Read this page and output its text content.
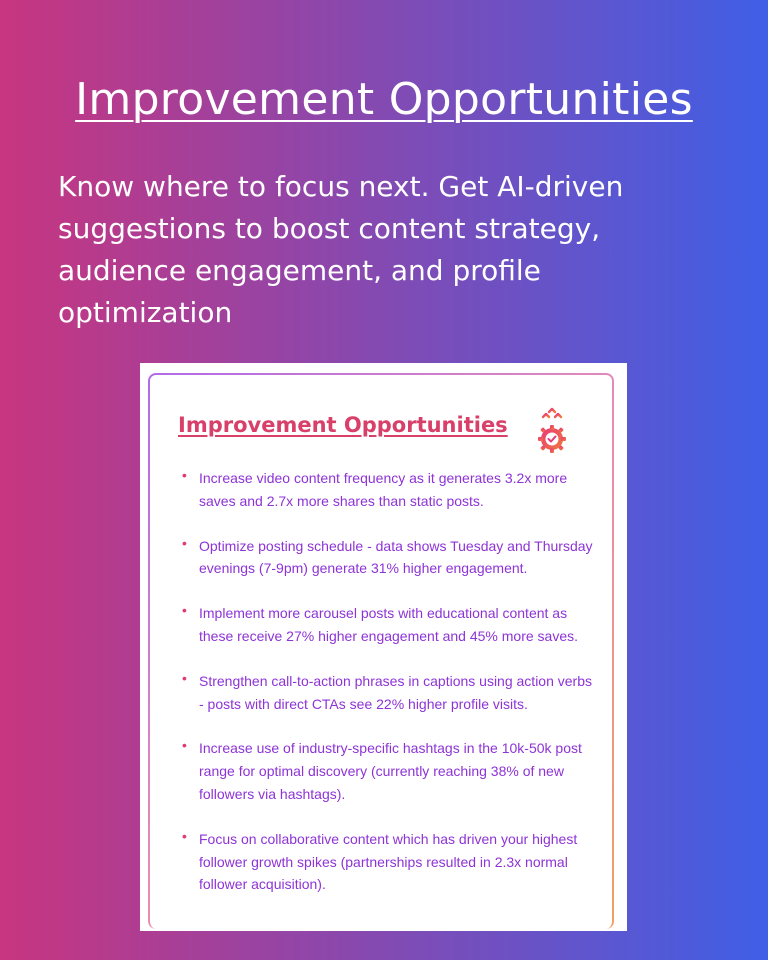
Improvement Opportunities

Know where to focus next. Get AI-driven suggestions to boost content strategy, audience engagement, and profile optimization

Improvement Opportunities
• Increase video content frequency as it generates 3.2x more saves and 2.7x more shares than static posts.
• Optimize posting schedule - data shows Tuesday and Thursday evenings (7-9pm) generate 31% higher engagement.
• Implement more carousel posts with educational content as these receive 27% higher engagement and 45% more saves.
• Strengthen call-to-action phrases in captions using action verbs - posts with direct CTAs see 22% higher profile visits.
• Increase use of industry-specific hashtags in the 10k-50k post range for optimal discovery (currently reaching 38% of new followers via hashtags).
• Focus on collaborative content which has driven your highest follower growth spikes (partnerships resulted in 2.3x normal follower acquisition).
